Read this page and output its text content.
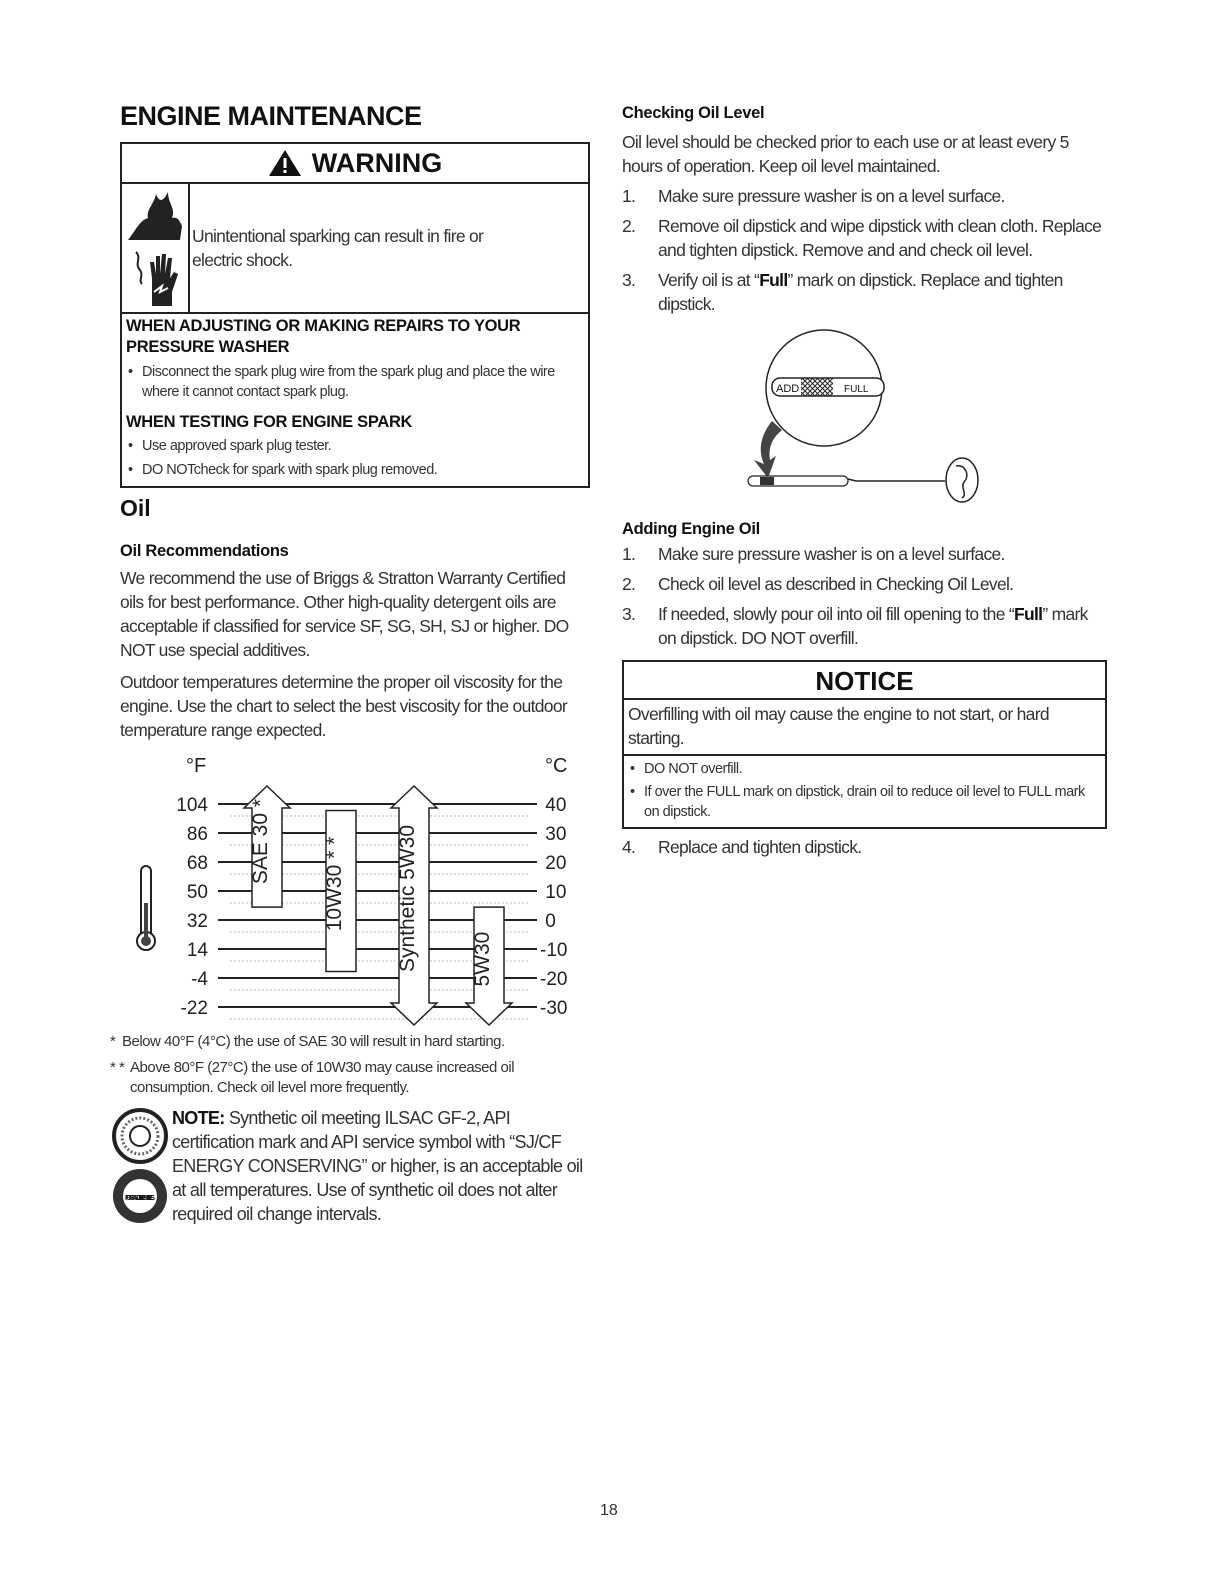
ENGINE MAINTENANCE
WARNING
Unintentional sparking can result in fire or electric shock.
WHEN ADJUSTING OR MAKING REPAIRS TO YOUR PRESSURE WASHER
• Disconnect the spark plug wire from the spark plug and place the wire where it cannot contact spark plug.
WHEN TESTING FOR ENGINE SPARK
• Use approved spark plug tester.
• DO NOTcheck for spark with spark plug removed.
Oil
Oil Recommendations
We recommend the use of Briggs & Stratton Warranty Certified oils for best performance. Other high-quality detergent oils are acceptable if classified for service SF, SG, SH, SJ or higher. DO NOT use special additives.
Outdoor temperatures determine the proper oil viscosity for the engine. Use the chart to select the best viscosity for the outdoor temperature range expected.
°F	°C
104	40
86	30
68	20
50	10
32	0
14	-10
-4	-20
-22	-30
SAE 30 * 10W30 * * Synthetic 5W30 5W30
* Below 40°F (4°C) the use of SAE 30 will result in hard starting.
* * Above 80°F (27°C) the use of 10W30 may cause increased oil consumption. Check oil level more frequently.
FOR GASOLINE ENGINES
NOTE: Synthetic oil meeting ILSAC GF-2, API certification mark and API service symbol with “SJ/CF ENERGY CONSERVING” or higher, is an acceptable oil at all temperatures. Use of synthetic oil does not alter required oil change intervals.
Checking Oil Level
Oil level should be checked prior to each use or at least every 5 hours of operation. Keep oil level maintained.
1. Make sure pressure washer is on a level surface.
2. Remove oil dipstick and wipe dipstick with clean cloth. Replace and tighten dipstick. Remove and and check oil level.
3. Verify oil is at “Full” mark on dipstick. Replace and tighten dipstick.
ADD	FULL
Adding Engine Oil
1. Make sure pressure washer is on a level surface.
2. Check oil level as described in Checking Oil Level.
3. If needed, slowly pour oil into oil fill opening to the “Full” mark on dipstick. DO NOT overfill.
NOTICE
Overfilling with oil may cause the engine to not start, or hard starting.
• DO NOT overfill.
• If over the FULL mark on dipstick, drain oil to reduce oil level to FULL mark on dipstick.
4. Replace and tighten dipstick.
18
